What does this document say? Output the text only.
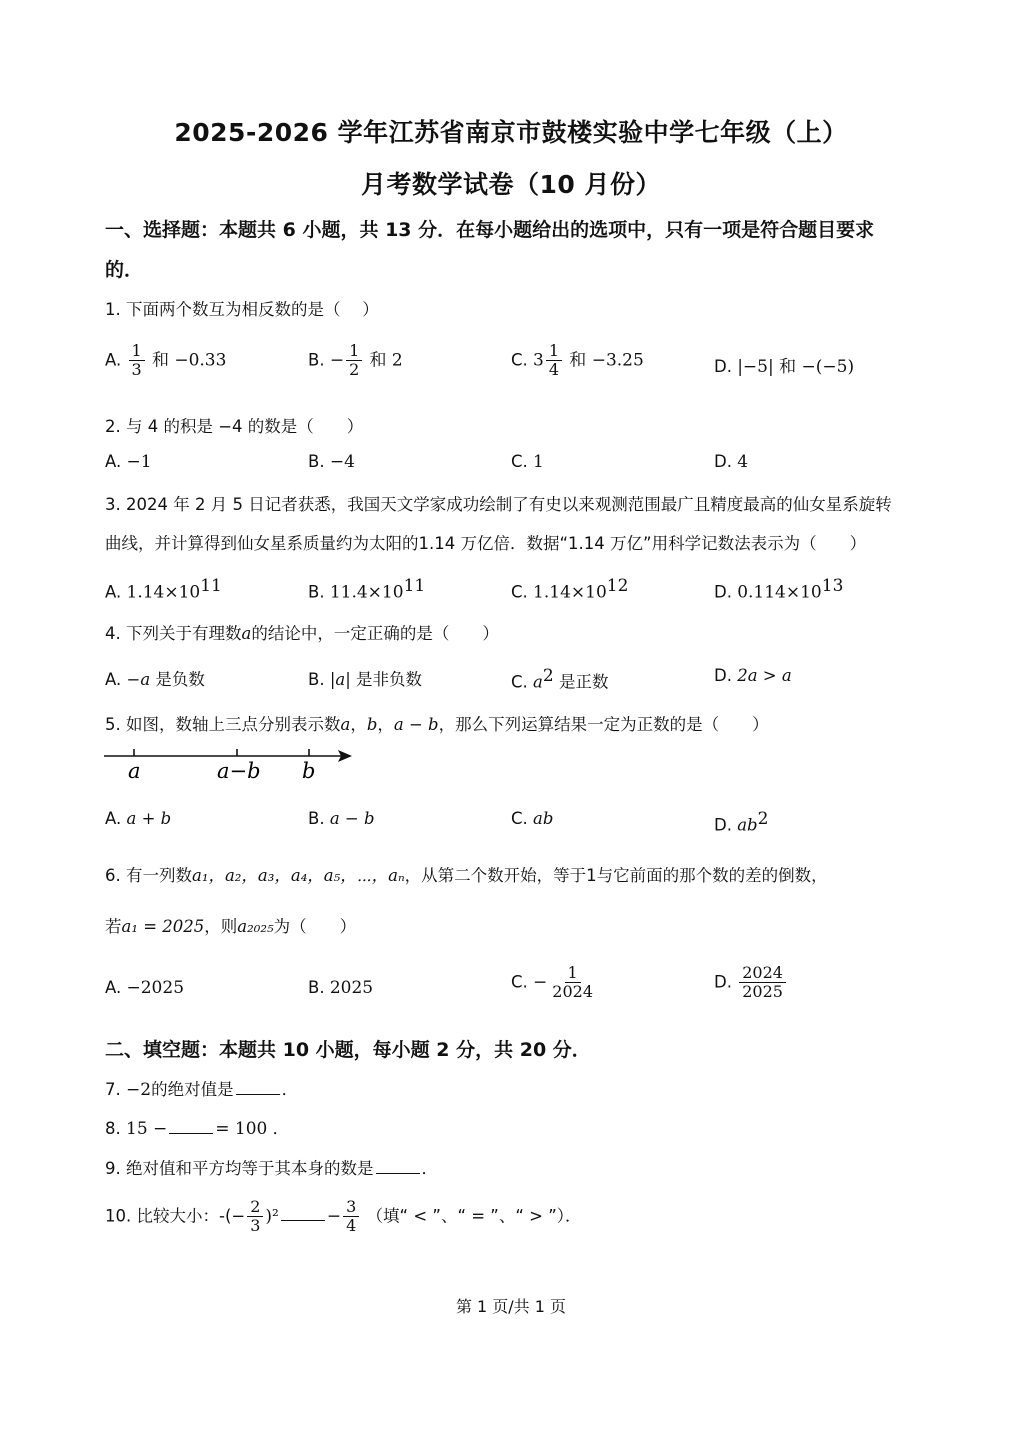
2025-2026 学年江苏省南京市鼓楼实验中学七年级（上）
月考数学试卷（10 月份）
一、选择题：本题共 6 小题，共 13 分．在每小题给出的选项中，只有一项是符合题目要求
的．
1. 下面两个数互为相反数的是（　 ）
A. $\frac{1}{3}$ 和 −0.33	B. − $\frac{1}{2}$ 和 2	C. $3 \frac{1}{4}$ 和 −3.25	D. |−5| 和 −(−5)
2. 与 4 的积是 −4 的数是（　　）
A. −1	B. −4	C. 1	D. 4
3. 2024 年 2 月 5 日记者获悉，我国天文学家成功绘制了有史以来观测范围最广且精度最高的仙女星系旋转
曲线，并计算得到仙女星系质量约为太阳的1.14 万亿倍．数据“1.14 万亿”用科学记数法表示为（　　）
A. $1.14\times 10^{11}$	B. $11.4\times 10^{11}$	C. $1.14\times 10^{12}$	D. $0.114\times 10^{13}$
4. 下列关于有理数a的结论中，一定正确的是（　　）
A. −a 是负数	B. |a| 是非负数	C. $a^2$ 是正数	D. 2a > a
5. 如图，数轴上三点分别表示数a，b，a − b，那么下列运算结果一定为正数的是（　　）
a	a−b b
A. a + b	B. a − b	C. ab	D. $ab^2$
6. 有一列数a₁，a₂，a₃，a₄，a₅，⋯，aₙ，从第二个数开始，等于1与它前面的那个数的差的倒数，
若a₁ = 2025，则a₂₀₂₅为（　　）
A. −2025	B. 2025	C. − $\frac{1}{2024}$	D. $\frac{2024}{2025}$
二、填空题：本题共 10 小题，每小题 2 分，共 20 分．
7. −2的绝对值是	．
8. 15 −	= 100 ．
9. 绝对值和平方均等于其本身的数是	．
10. 比较大小：-(− $\frac{2}{3} )^2$	− $\frac{3}{4}$ （填“ < ”、“ = ”、“ > ”）．
第 1 页/共 1 页
